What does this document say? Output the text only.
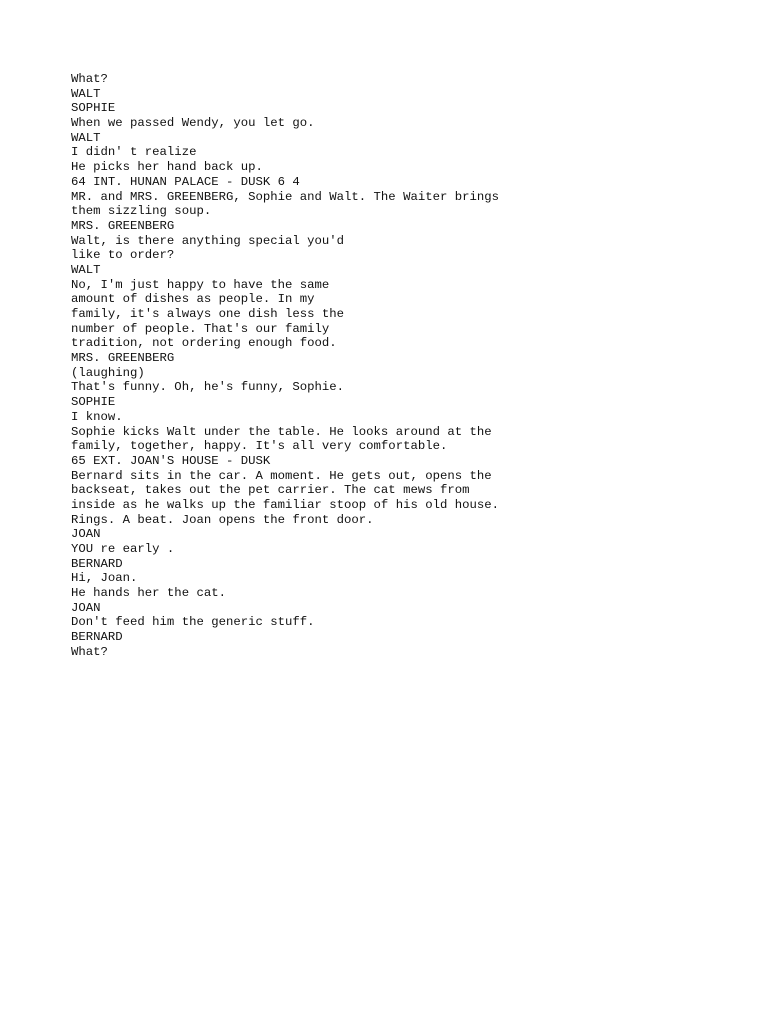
What?
WALT
SOPHIE
When we passed Wendy, you let go.
WALT
I didn' t realize
He picks her hand back up.
64 INT. HUNAN PALACE - DUSK 6 4
MR. and MRS. GREENBERG, Sophie and Walt. The Waiter brings
them sizzling soup.
MRS. GREENBERG
Walt, is there anything special you'd
like to order?
WALT
No, I'm just happy to have the same
amount of dishes as people. In my
family, it's always one dish less the
number of people. That's our family
tradition, not ordering enough food.
MRS. GREENBERG
(laughing)
That's funny. Oh, he's funny, Sophie.
SOPHIE
I know.
Sophie kicks Walt under the table. He looks around at the
family, together, happy. It's all very comfortable.
65 EXT. JOAN'S HOUSE - DUSK
Bernard sits in the car. A moment. He gets out, opens the
backseat, takes out the pet carrier. The cat mews from
inside as he walks up the familiar stoop of his old house.
Rings. A beat. Joan opens the front door.
JOAN
YOU re early .
BERNARD
Hi, Joan.
He hands her the cat.
JOAN
Don't feed him the generic stuff.
BERNARD
What?
